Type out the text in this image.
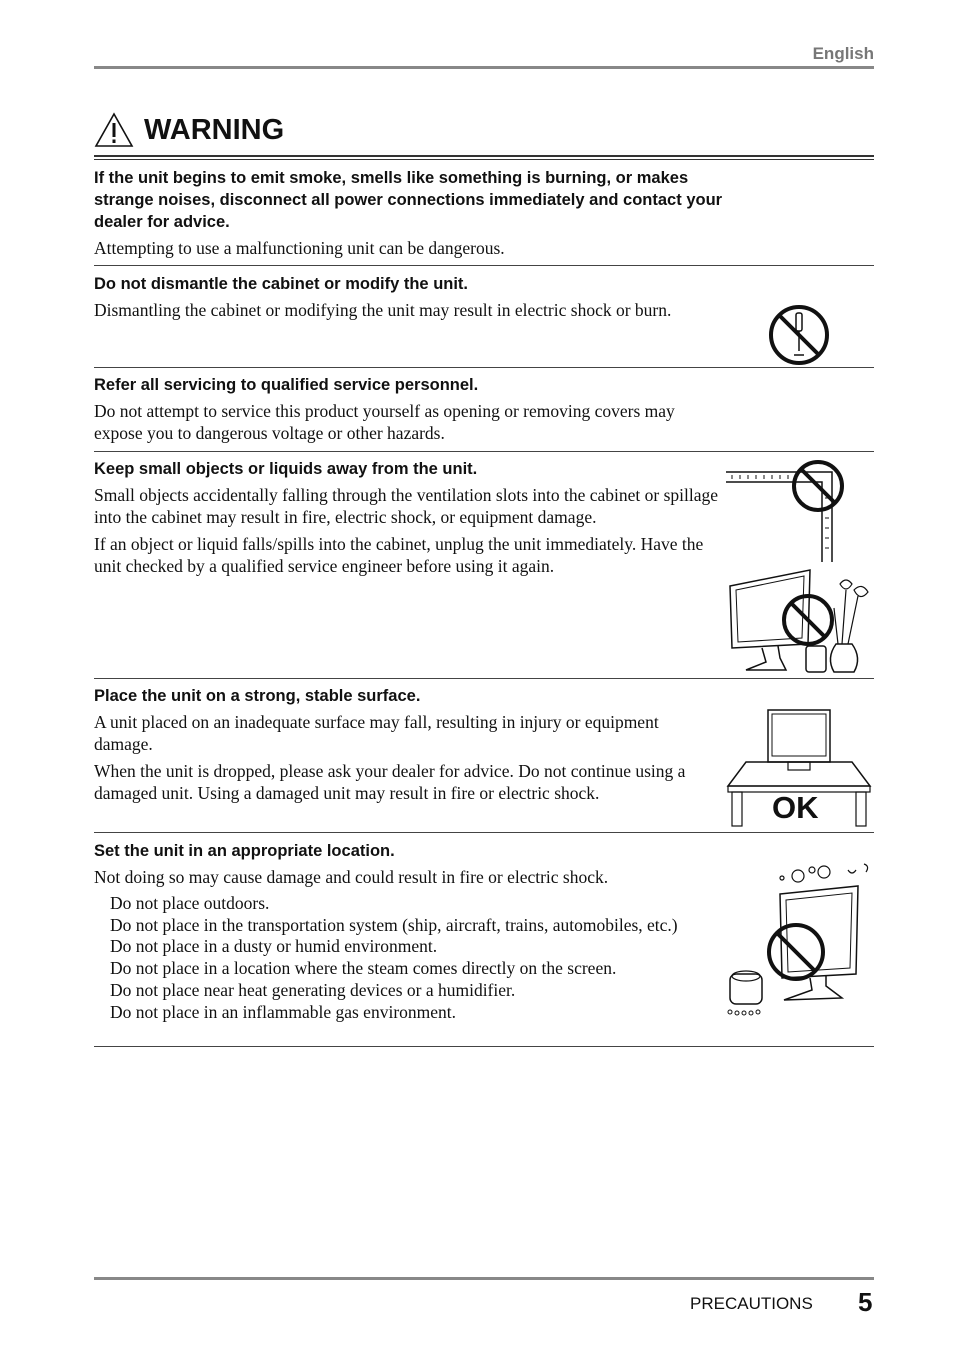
English
WARNING
If the unit begins to emit smoke, smells like something is burning, or makes strange noises, disconnect all power connections immediately and contact your dealer for advice.

Attempting to use a malfunctioning unit can be dangerous.

Do not dismantle the cabinet or modify the unit.

Dismantling the cabinet or modifying the unit may result in electric shock or burn.

Refer all servicing to qualified service personnel.

Do not attempt to service this product yourself as opening or removing covers may expose you to dangerous voltage or other hazards.

Keep small objects or liquids away from the unit.

Small objects accidentally falling through the ventilation slots into the cabinet or spillage into the cabinet may result in fire, electric shock, or equipment damage.

If an object or liquid falls/spills into the cabinet, unplug the unit immediately. Have the unit checked by a qualified service engineer before using it again.

Place the unit on a strong, stable surface.

A unit placed on an inadequate surface may fall, resulting in injury or equipment damage.

When the unit is dropped, please ask your dealer for advice. Do not continue using a damaged unit. Using a damaged unit may result in fire or electric shock.	OK
Set the unit in an appropriate location.

Not doing so may cause damage and could result in fire or electric shock.

Do not place outdoors.
Do not place in the transportation system (ship, aircraft, trains, automobiles, etc.)
Do not place in a dusty or humid environment.
Do not place in a location where the steam comes directly on the screen.
Do not place near heat generating devices or a humidifier.
Do not place in an inflammable gas environment.
PRECAUTIONS 5
